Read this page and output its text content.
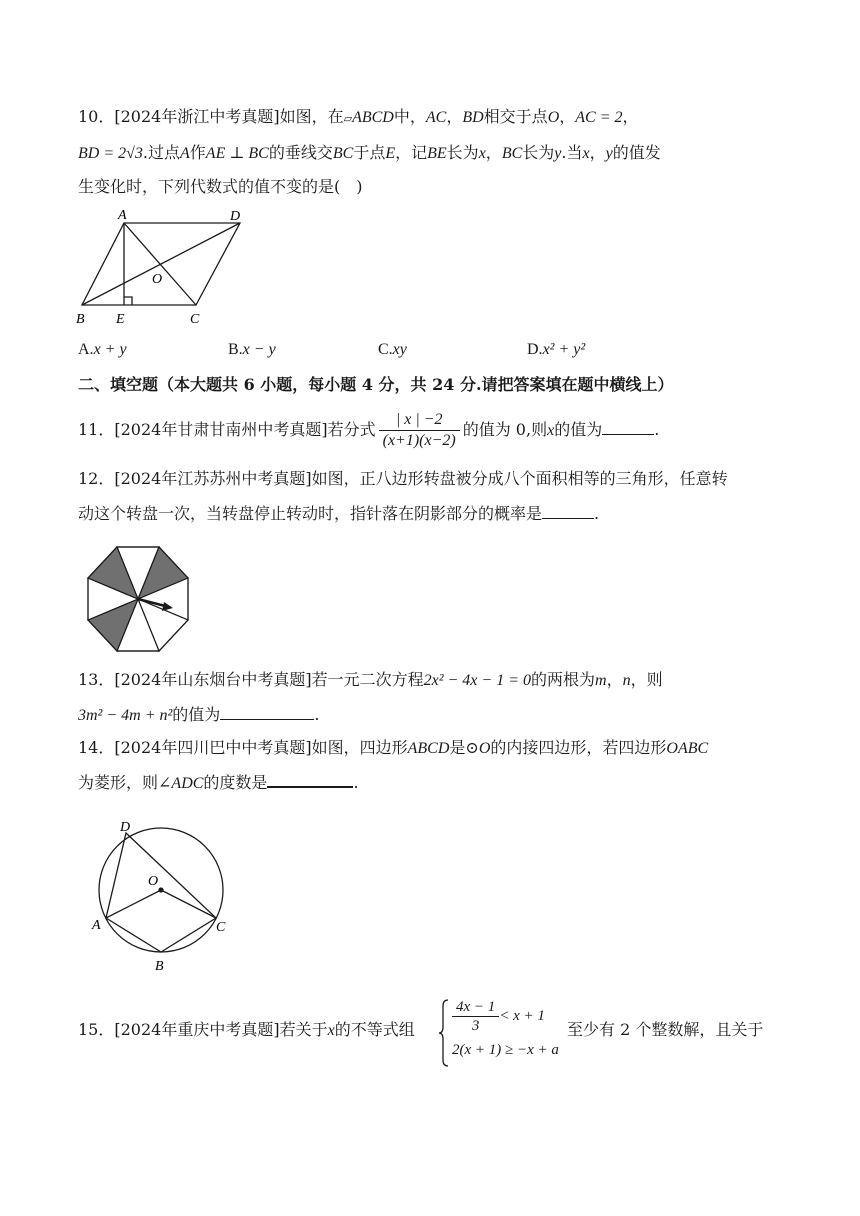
10．[2024年浙江中考真题]如图，在▱ABCD中，AC，BD相交于点O，AC = 2，
BD = 2√3.过点A作AE ⊥ BC的垂线交BC于点E，记BE长为x，BC长为y.当x，y的值发
生变化时，下列代数式的值不变的是(　)
A	D
O
B E	C
A.x + y	B.x − y	C.xy	D.x² + y²
二、填空题（本大题共 6 小题，每小题 4 分，共 24 分.请把答案填在题中横线上）
11．[2024年甘肃甘南州中考真题]若分式 $\frac{| x | -2}{(x+1)(x-2)}$ 的值为 0,则x的值为	.
12．[2024年江苏苏州中考真题]如图，正八边形转盘被分成八个面积相等的三角形，任意转
动这个转盘一次，当转盘停止转动时，指针落在阴影部分的概率是	.
13．[2024年山东烟台中考真题]若一元二次方程2x² − 4x − 1 = 0的两根为m，n，则
3m² − 4m + n²的值为	.
14．[2024年四川巴中中考真题]如图，四边形ABCD是⊙O的内接四边形，若四边形OABC
为菱形，则∠ADC的度数是	.
D
O
A	C
B
15．[2024年重庆中考真题]若关于x的不等式组 $\frac{4x - 1}{3} < x + 1$
2(x + 1) ≥ −x + a
至少有 2 个整数解，且关于
